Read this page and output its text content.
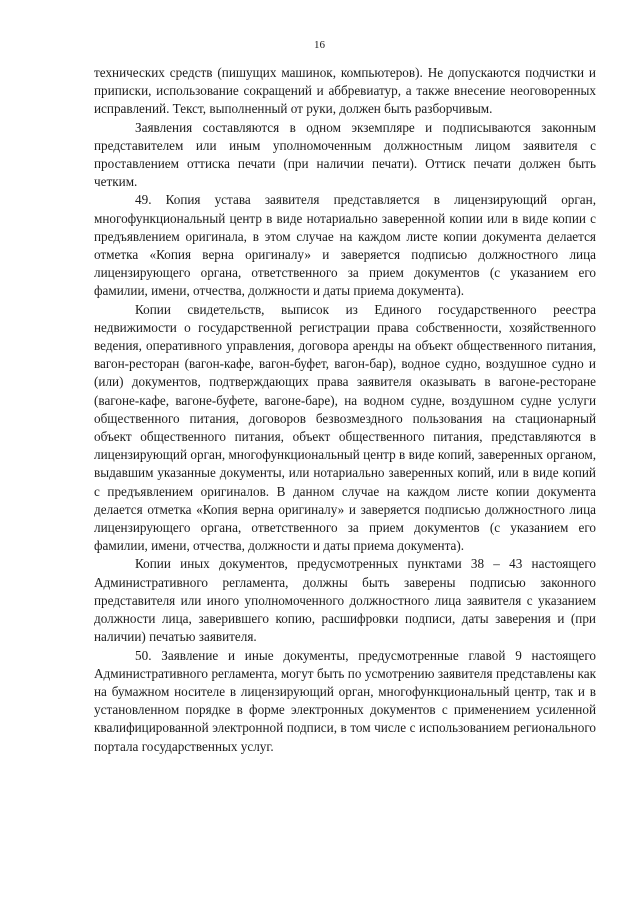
16

технических средств (пишущих машинок, компьютеров). Не допускаются подчистки и приписки, использование сокращений и аббревиатур, а также внесение неоговоренных исправлений. Текст, выполненный от руки, должен быть разборчивым.

Заявления составляются в одном экземпляре и подписываются законным представителем или иным уполномоченным должностным лицом заявителя с проставлением оттиска печати (при наличии печати). Оттиск печати должен быть четким.

49. Копия устава заявителя представляется в лицензирующий орган, многофункциональный центр в виде нотариально заверенной копии или в виде копии с предъявлением оригинала, в этом случае на каждом листе копии документа делается отметка «Копия верна оригиналу» и заверяется подписью должностного лица лицензирующего органа, ответственного за прием документов (с указанием его фамилии, имени, отчества, должности и даты приема документа).

Копии свидетельств, выписок из Единого государственного реестра недвижимости о государственной регистрации права собственности, хозяйственного ведения, оперативного управления, договора аренды на объект общественного питания, вагон-ресторан (вагон-кафе, вагон-буфет, вагон-бар), водное судно, воздушное судно и (или) документов, подтверждающих права заявителя оказывать в вагоне-ресторане (вагоне-кафе, вагоне-буфете, вагоне-баре), на водном судне, воздушном судне услуги общественного питания, договоров безвозмездного пользования на стационарный объект общественного питания, объект общественного питания, представляются в лицензирующий орган, многофункциональный центр в виде копий, заверенных органом, выдавшим указанные документы, или нотариально заверенных копий, или в виде копий с предъявлением оригиналов. В данном случае на каждом листе копии документа делается отметка «Копия верна оригиналу» и заверяется подписью должностного лица лицензирующего органа, ответственного за прием документов (с указанием его фамилии, имени, отчества, должности и даты приема документа).

Копии иных документов, предусмотренных пунктами 38 – 43 настоящего Административного регламента, должны быть заверены подписью законного представителя или иного уполномоченного должностного лица заявителя с указанием должности лица, заверившего копию, расшифровки подписи, даты заверения и (при наличии) печатью заявителя.

50. Заявление и иные документы, предусмотренные главой 9 настоящего Административного регламента, могут быть по усмотрению заявителя представлены как на бумажном носителе в лицензирующий орган, многофункциональный центр, так и в установленном порядке в форме электронных документов с применением усиленной квалифицированной электронной подписи, в том числе с использованием регионального портала государственных услуг.
